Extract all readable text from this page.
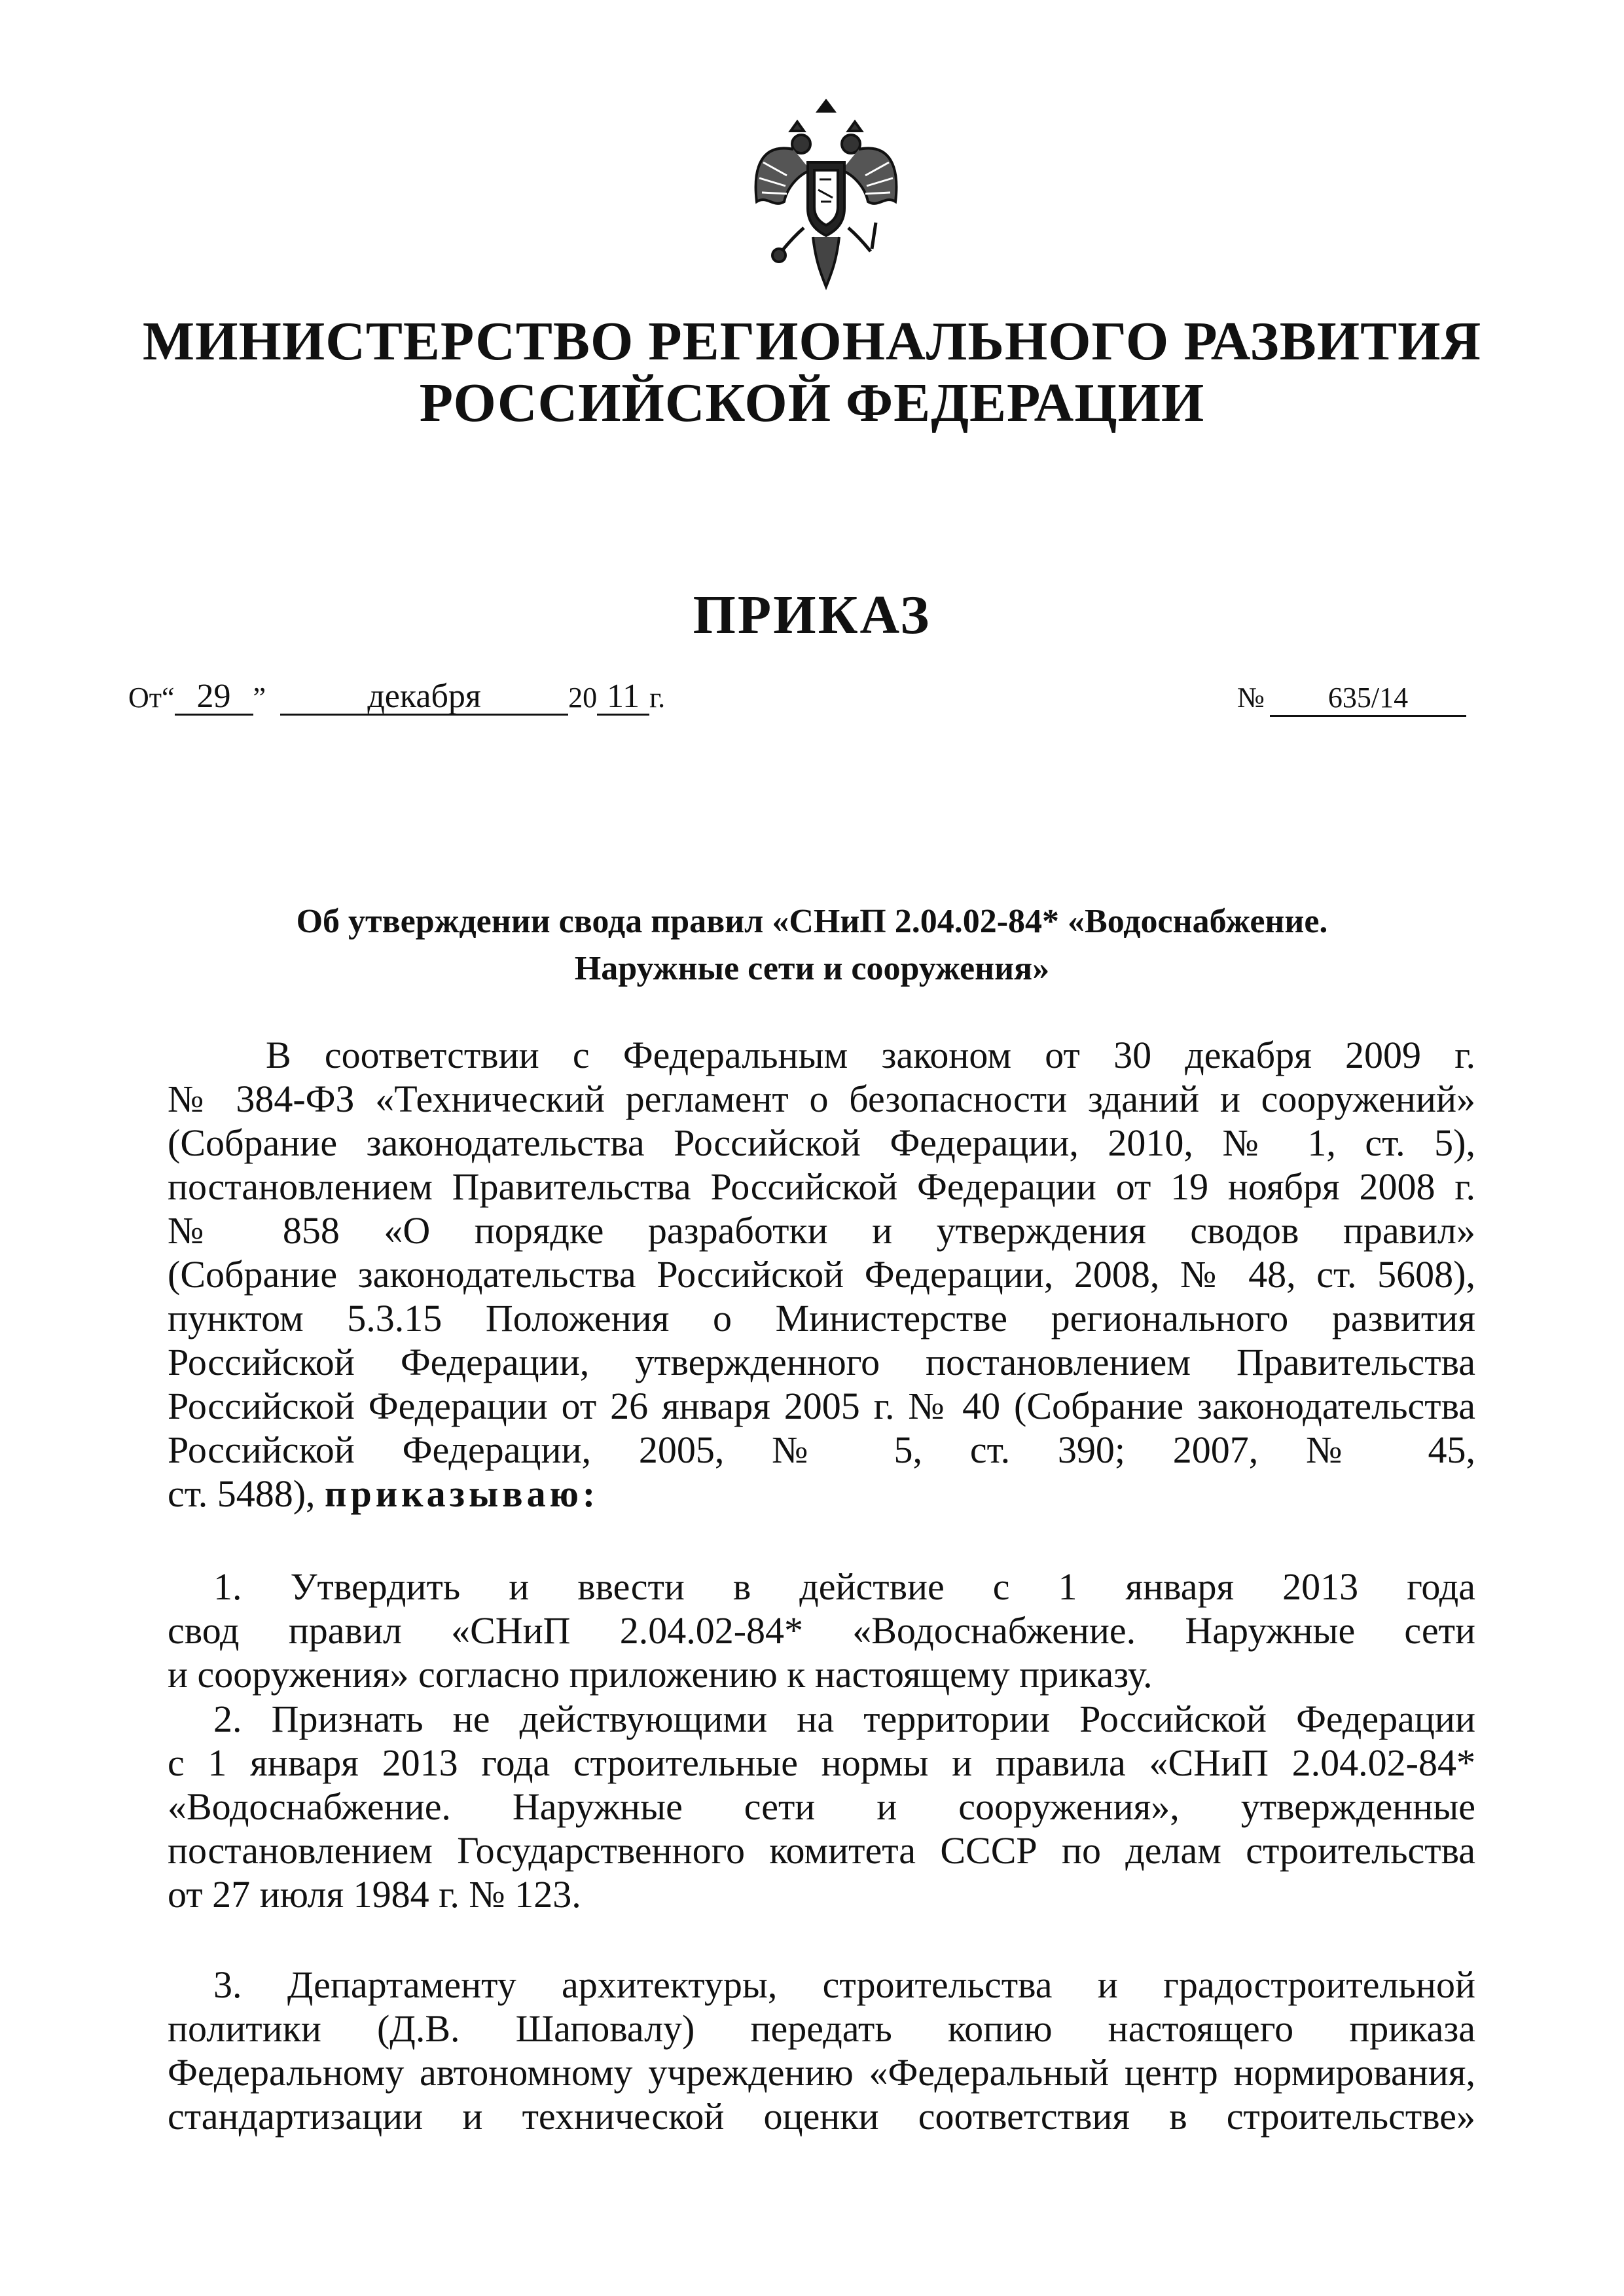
МИНИСТЕРСТВО РЕГИОНАЛЬНОГО РАЗВИТИЯ
РОССИЙСКОЙ ФЕДЕРАЦИИ
ПРИКАЗ
От“ 29 ”	декабря	20 11 г.	№ 635/14
Об утверждении свода правил «СНиП 2.04.02-84* «Водоснабжение.
Наружные сети и сооружения»
В соответствии с Федеральным законом от 30 декабря 2009 г.
№ 384-ФЗ «Технический регламент о безопасности зданий и сооружений»
(Собрание законодательства Российской Федерации, 2010, № 1, ст. 5),
постановлением Правительства Российской Федерации от 19 ноября 2008 г.
№ 858 «О порядке разработки и утверждения сводов правил»
(Собрание законодательства Российской Федерации, 2008, № 48, ст. 5608),
пунктом 5.3.15 Положения о Министерстве регионального развития
Российской Федерации, утвержденного постановлением Правительства
Российской Федерации от 26 января 2005 г. № 40 (Собрание законодательства
Российской Федерации, 2005, № 5, ст. 390; 2007, № 45,
ст. 5488), приказываю:
1. Утвердить и ввести в действие с 1 января 2013 года
свод правил «СНиП 2.04.02-84* «Водоснабжение. Наружные сети
и сооружения» согласно приложению к настоящему приказу.
2. Признать не действующими на территории Российской Федерации
с 1 января 2013 года строительные нормы и правила «СНиП 2.04.02-84*
«Водоснабжение. Наружные сети и сооружения», утвержденные
постановлением Государственного комитета СССР по делам строительства
от 27 июля 1984 г. № 123.
3. Департаменту архитектуры, строительства и градостроительной
политики (Д.В. Шаповалу) передать копию настоящего приказа
Федеральному автономному учреждению «Федеральный центр нормирования,
стандартизации и технической оценки соответствия в строительстве»
